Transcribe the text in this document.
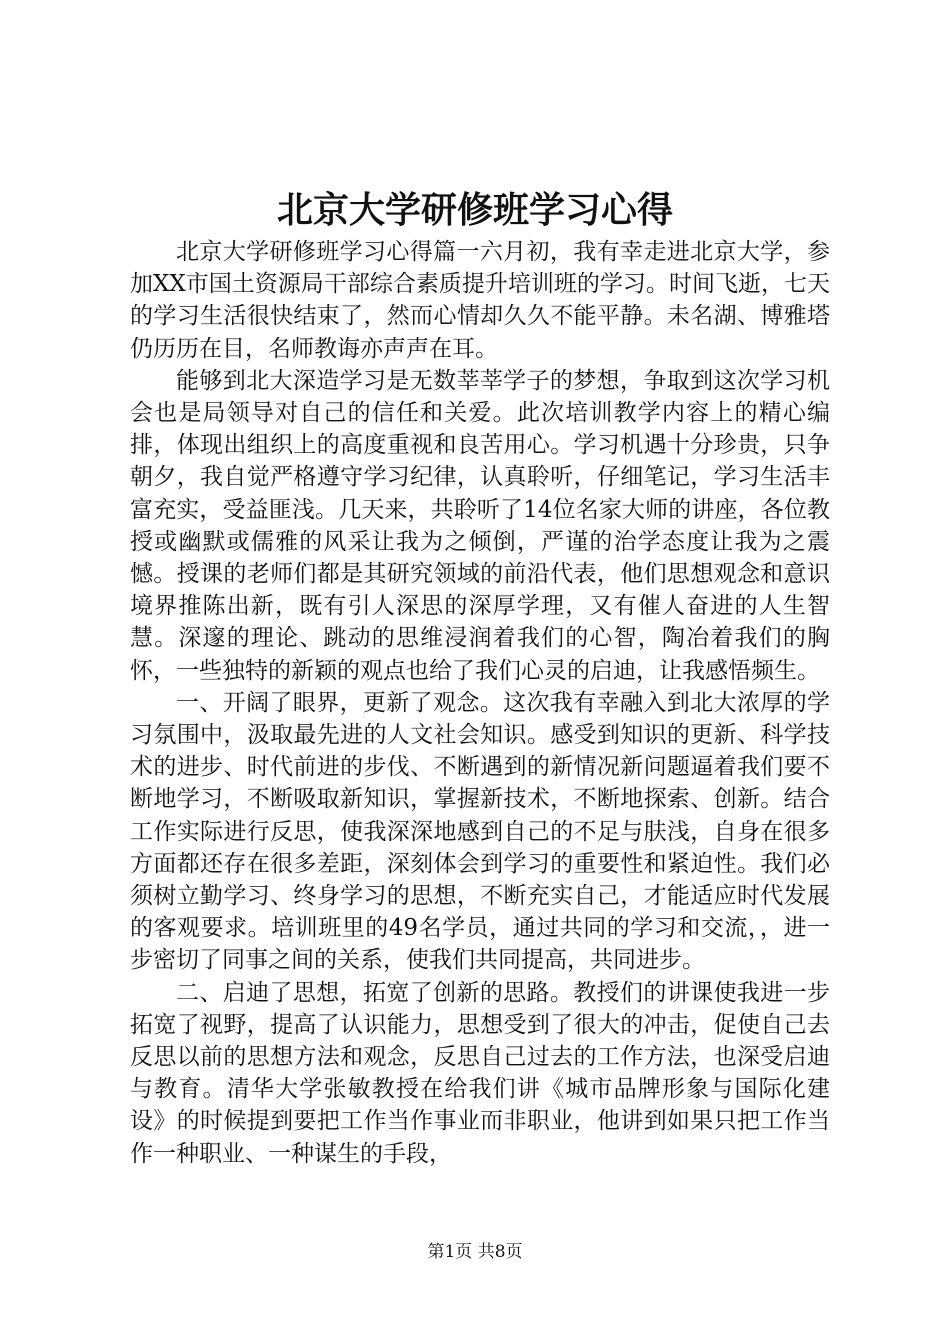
北京大学研修班学习心得

北京大学研修班学习心得篇一六月初，我有幸走进北京大学，参加XX市国土资源局干部综合素质提升培训班的学习。时间飞逝，七天的学习生活很快结束了，然而心情却久久不能平静。未名湖、博雅塔仍历历在目，名师教诲亦声声在耳。

能够到北大深造学习是无数莘莘学子的梦想，争取到这次学习机会也是局领导对自己的信任和关爱。此次培训教学内容上的精心编排，体现出组织上的高度重视和良苦用心。学习机遇十分珍贵，只争朝夕，我自觉严格遵守学习纪律，认真聆听，仔细笔记，学习生活丰富充实，受益匪浅。几天来，共聆听了14位名家大师的讲座，各位教授或幽默或儒雅的风采让我为之倾倒，严谨的治学态度让我为之震憾。授课的老师们都是其研究领域的前沿代表，他们思想观念和意识境界推陈出新，既有引人深思的深厚学理，又有催人奋进的人生智慧。深邃的理论、跳动的思维浸润着我们的心智，陶冶着我们的胸怀，一些独特的新颖的观点也给了我们心灵的启迪，让我感悟频生。

一、开阔了眼界，更新了观念。这次我有幸融入到北大浓厚的学习氛围中，汲取最先进的人文社会知识。感受到知识的更新、科学技术的进步、时代前进的步伐、不断遇到的新情况新问题逼着我们要不断地学习，不断吸取新知识，掌握新技术，不断地探索、创新。结合工作实际进行反思，使我深深地感到自己的不足与肤浅，自身在很多方面都还存在很多差距，深刻体会到学习的重要性和紧迫性。我们必须树立勤学习、终身学习的思想，不断充实自己，才能适应时代发展的客观要求。培训班里的49名学员，通过共同的学习和交流，，进一步密切了同事之间的关系，使我们共同提高，共同进步。

二、启迪了思想，拓宽了创新的思路。教授们的讲课使我进一步拓宽了视野，提高了认识能力，思想受到了很大的冲击，促使自己去反思以前的思想方法和观念，反思自己过去的工作方法，也深受启迪与教育。清华大学张敏教授在给我们讲《城市品牌形象与国际化建设》的时候提到要把工作当作事业而非职业，他讲到如果只把工作当作一种职业、一种谋生的手段，

第1页 共8页
